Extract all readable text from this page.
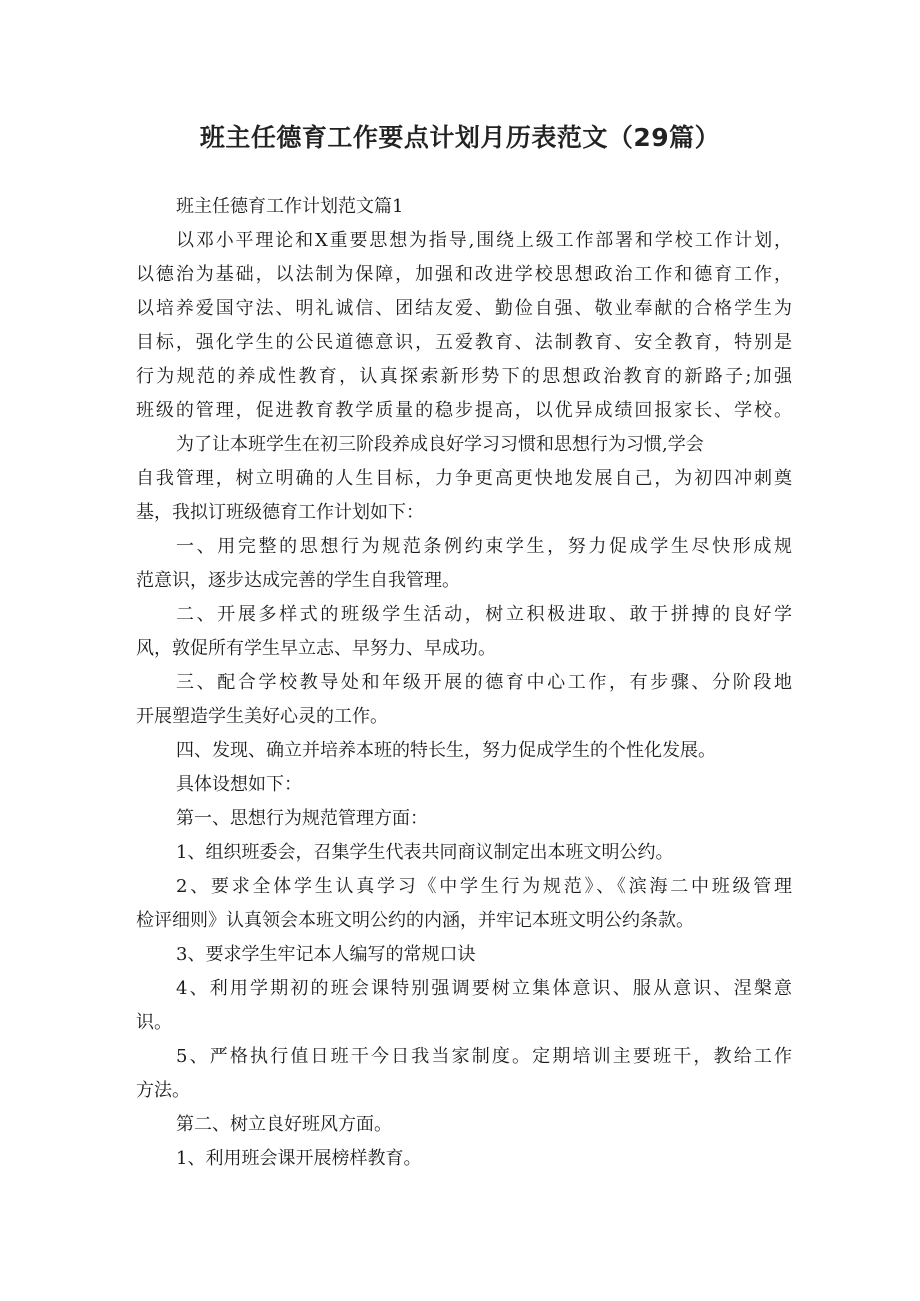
班主任德育工作要点计划月历表范文（29篇）

班主任德育工作计划范文篇1

以邓小平理论和X重要思想为指导,围绕上级工作部署和学校工作计划，

以德治为基础，以法制为保障，加强和改进学校思想政治工作和德育工作，

以培养爱国守法、明礼诚信、团结友爱、勤俭自强、敬业奉献的合格学生为

目标，强化学生的公民道德意识，五爱教育、法制教育、安全教育，特别是

行为规范的养成性教育，认真探索新形势下的思想政治教育的新路子;加强

班级的管理，促进教育教学质量的稳步提高，以优异成绩回报家长、学校。

为了让本班学生在初三阶段养成良好学习习惯和思想行为习惯,学会

自我管理，树立明确的人生目标，力争更高更快地发展自己，为初四冲刺奠

基，我拟订班级德育工作计划如下：

一、用完整的思想行为规范条例约束学生，努力促成学生尽快形成规

范意识，逐步达成完善的学生自我管理。

二、开展多样式的班级学生活动，树立积极进取、敢于拼搏的良好学

风，敦促所有学生早立志、早努力、早成功。

三、配合学校教导处和年级开展的德育中心工作，有步骤、分阶段地

开展塑造学生美好心灵的工作。

四、发现、确立并培养本班的特长生，努力促成学生的个性化发展。

具体设想如下：

第一、思想行为规范管理方面：

1、组织班委会，召集学生代表共同商议制定出本班文明公约。

2、要求全体学生认真学习《中学生行为规范》、《滨海二中班级管理

检评细则》认真领会本班文明公约的内涵，并牢记本班文明公约条款。

3、要求学生牢记本人编写的常规口诀

4、利用学期初的班会课特别强调要树立集体意识、服从意识、涅槃意

识。

5、严格执行值日班干今日我当家制度。定期培训主要班干，教给工作

方法。

第二、树立良好班风方面。

1、利用班会课开展榜样教育。
